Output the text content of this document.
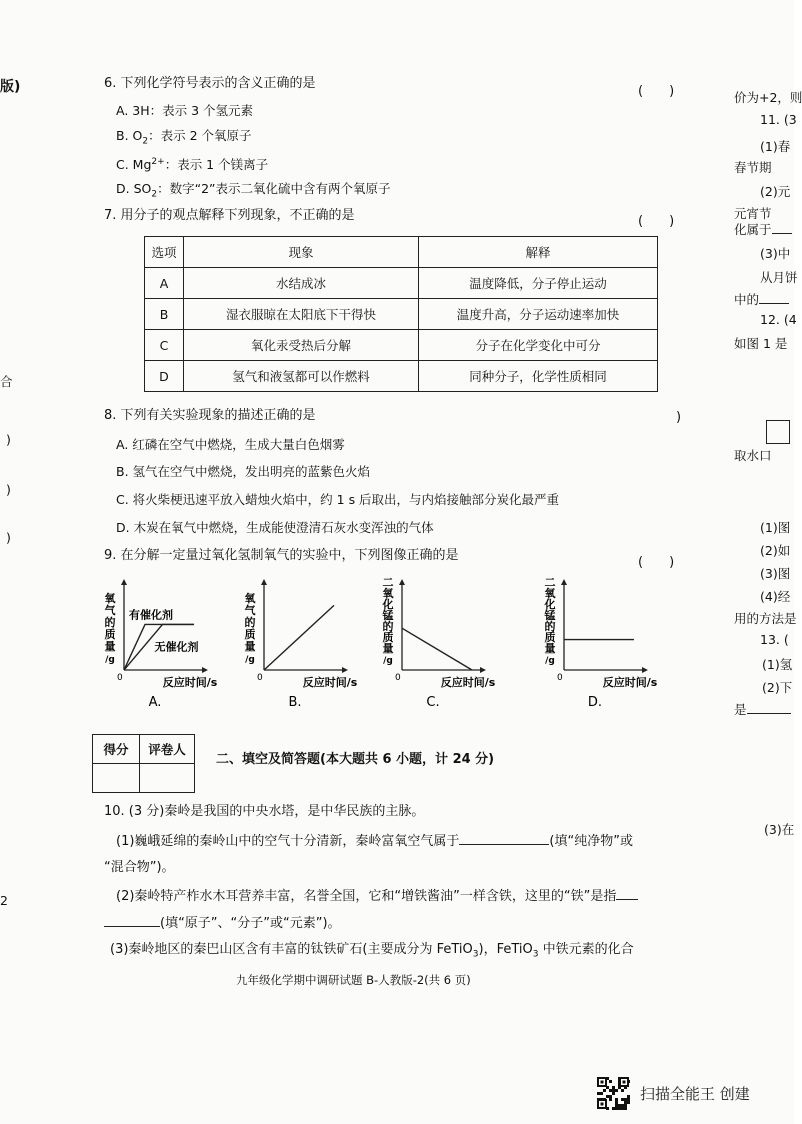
版)
合
)
)
)
2
6. 下列化学符号表示的含义正确的是
(　　)
A. 3H：表示 3 个氢元素
B. $O_2$：表示 2 个氧原子
C. $Mg^{2+}$：表示 1 个镁离子
D. $SO_2$：数字“2”表示二氧化硫中含有两个氧原子
7. 用分子的观点解释下列现象，不正确的是	(　　)
选项	现象	解释
A	水结成冰	温度降低，分子停止运动
B	湿衣服晾在太阳底下干得快	温度升高，分子运动速率加快
C	氧化汞受热后分解	分子在化学变化中可分
D	氢气和液氢都可以作燃料	同种分子，化学性质相同
8. 下列有关实验现象的描述正确的是	)
A. 红磷在空气中燃烧，生成大量白色烟雾
B. 氢气在空气中燃烧，发出明亮的蓝紫色火焰
C. 将火柴梗迅速平放入蜡烛火焰中，约 1 s 后取出，与内焰接触部分炭化最严重
D. 木炭在氧气中燃烧，生成能使澄清石灰水变浑浊的气体
9. 在分解一定量过氧化氢制氧气的实验中，下列图像正确的是	(　　)
氧
气
的
质
量
/g
0	反应时间/s
A.
有催化剂
无催化剂
氧
气
的
质
量
/g
0	反应时间/s
B.
二
氧
化
锰
的
质
量
/g
0	反应时间/s
C.
二
氧
化
锰
的
质
量
/g
0	反应时间/s
D.
得分	评卷人

二、填空及简答题(本大题共 6 小题，计 24 分)
10. (3 分)秦岭是我国的中央水塔，是中华民族的主脉。
(1)巍峨延绵的秦岭山中的空气十分清新，秦岭富氧空气属于	(填“纯净物”或
“混合物”)。
(2)秦岭特产柞水木耳营养丰富，名誉全国，它和“增铁酱油”一样含铁，这里的“铁”是指
(填“原子”、“分子”或“元素”)。
(3)秦岭地区的秦巴山区含有丰富的钛铁矿石(主要成分为 FeTiO$_3$)，FeTiO$_3$ 中铁元素的化合
九年级化学期中调研试题 B-人教版-2(共 6 页)
价为+2，则
11. (3
(1)春
春节期
(2)元
元宵节
化属于
(3)中
从月饼
中的
12. (4
如图 1 是
取水口
(1)图
(2)如
(3)图
(4)经
用的方法是
13. (
(1)氢
(2)下
是
(3)在
扫描全能王 创建
